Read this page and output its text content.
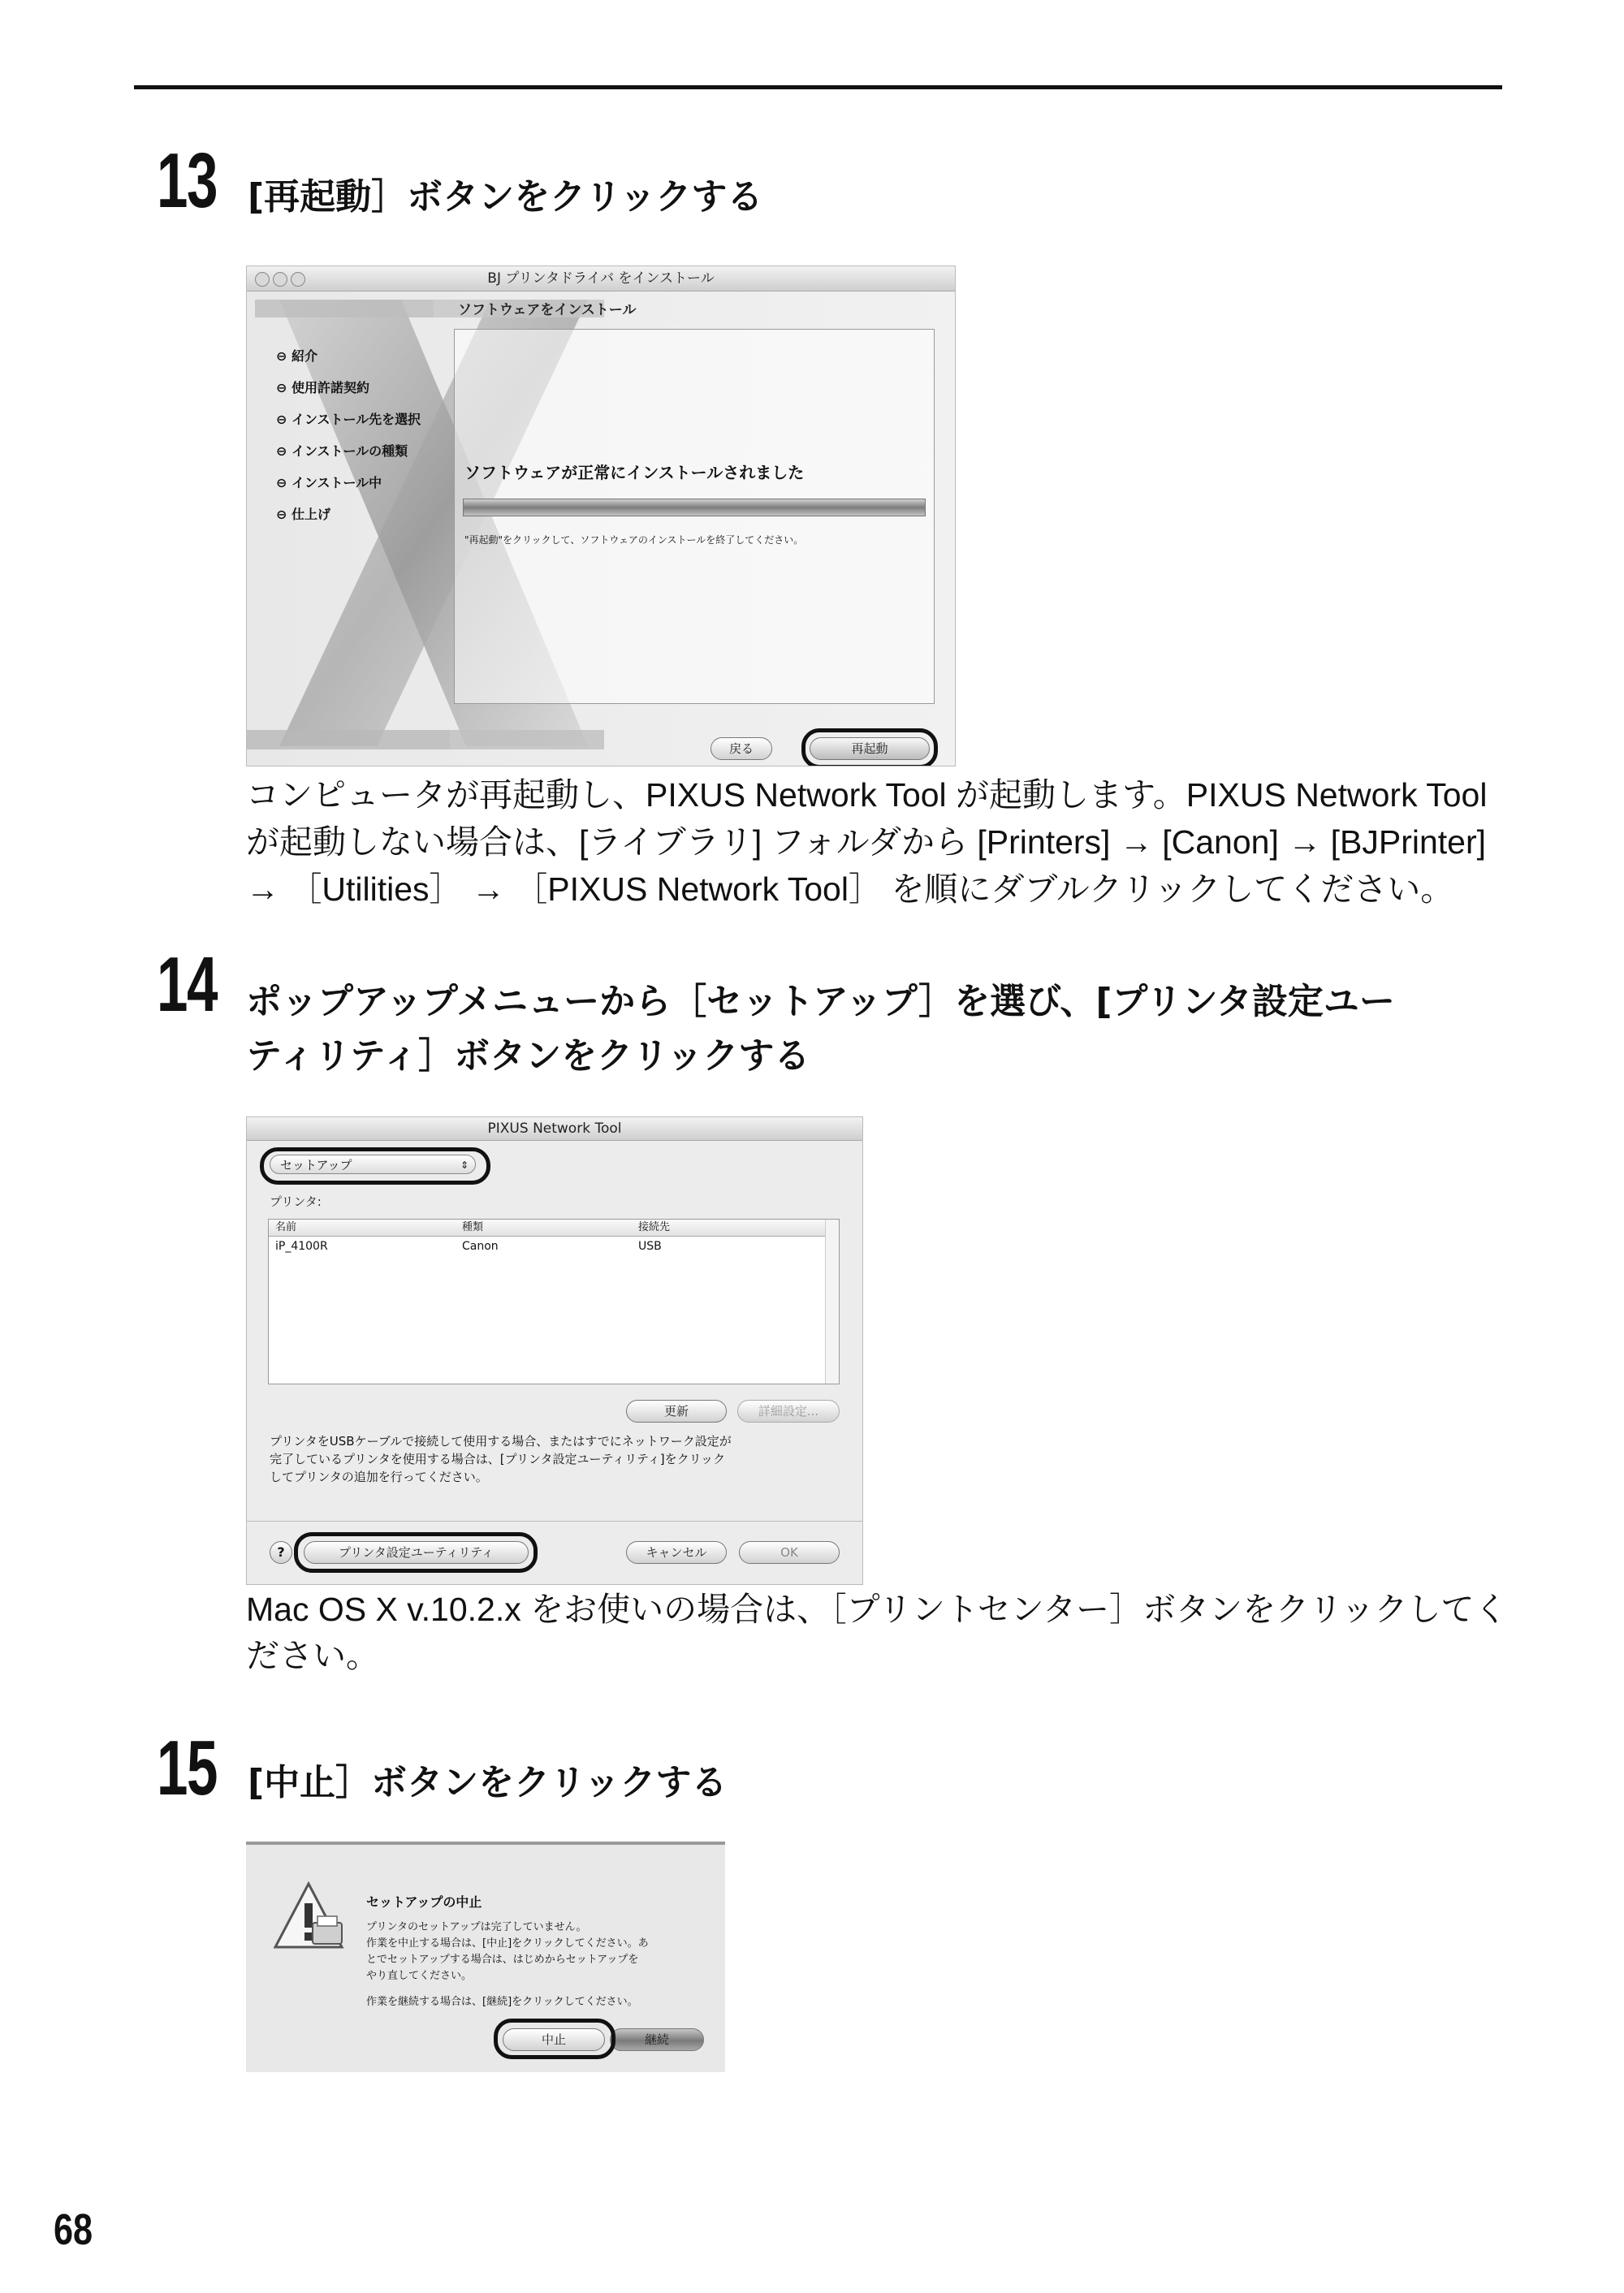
13 [再起動］ボタンをクリックする
BJ プリンタドライバ をインストール
ソフトウェアをインストール
⊖ 紹介
⊖ 使用許諾契約
⊖ インストール先を選択
⊖ インストールの種類
⊖ インストール中
⊖ 仕上げ
ソフトウェアが正常にインストールされました
"再起動"をクリックして、ソフトウェアのインストールを終了してください。
戻る	再起動
コンピュータが再起動し、PIXUS Network Tool が起動します。PIXUS Network Tool が起動しない場合は、[ライブラリ] フォルダから [Printers] → [Canon] → [BJPrinter] → ［Utilities］ → ［PIXUS Network Tool］ を順にダブルクリックしてください。
14 ポップアップメニューから［セットアップ］を選び、[プリンタ設定ユー
ティリティ］ボタンをクリックする
PIXUS Network Tool
セットアップ	⇕
プリンタ:
名前	種類	接続先
iP_4100R	Canon	USB
更新	詳細設定...
プリンタをUSBケーブルで接続して使用する場合、またはすでにネットワーク設定が
完了しているプリンタを使用する場合は、[プリンタ設定ユーティリティ]をクリック
してプリンタの追加を行ってください。
?	プリンタ設定ユーティリティ	キャンセル	OK
Mac OS X v.10.2.x をお使いの場合は、［プリントセンター］ボタンをクリックしてく
ださい。
15 [中止］ボタンをクリックする
セットアップの中止
プリンタのセットアップは完了していません。
作業を中止する場合は、[中止]をクリックしてください。あ
とでセットアップする場合は、はじめからセットアップを
やり直してください。
作業を継続する場合は、[継続]をクリックしてください。
中止	継続
68
